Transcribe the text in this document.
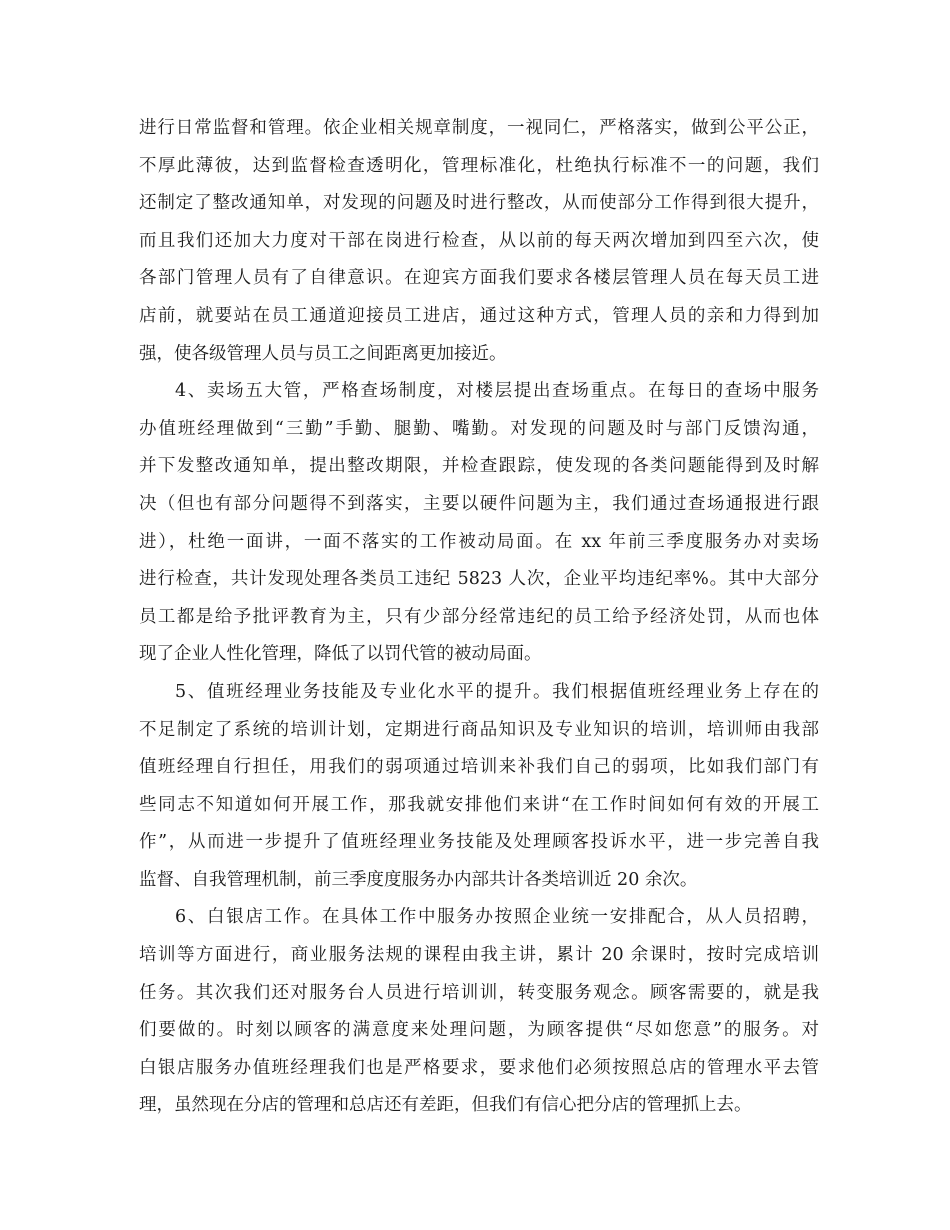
进行日常监督和管理。依企业相关规章制度，一视同仁，严格落实，做到公平公正，
不厚此薄彼，达到监督检查透明化，管理标准化，杜绝执行标准不一的问题，我们
还制定了整改通知单，对发现的问题及时进行整改，从而使部分工作得到很大提升，
而且我们还加大力度对干部在岗进行检查，从以前的每天两次增加到四至六次，使
各部门管理人员有了自律意识。在迎宾方面我们要求各楼层管理人员在每天员工进
店前，就要站在员工通道迎接员工进店，通过这种方式，管理人员的亲和力得到加
强，使各级管理人员与员工之间距离更加接近。
4、卖场五大管，严格查场制度，对楼层提出查场重点。在每日的查场中服务
办值班经理做到“三勤”手勤、腿勤、嘴勤。对发现的问题及时与部门反馈沟通，
并下发整改通知单，提出整改期限，并检查跟踪，使发现的各类问题能得到及时解
决（但也有部分问题得不到落实，主要以硬件问题为主，我们通过查场通报进行跟
进），杜绝一面讲，一面不落实的工作被动局面。在 xx 年前三季度服务办对卖场
进行检查，共计发现处理各类员工违纪 5823 人次，企业平均违纪率%。其中大部分
员工都是给予批评教育为主，只有少部分经常违纪的员工给予经济处罚，从而也体
现了企业人性化管理，降低了以罚代管的被动局面。
5、值班经理业务技能及专业化水平的提升。我们根据值班经理业务上存在的
不足制定了系统的培训计划，定期进行商品知识及专业知识的培训，培训师由我部
值班经理自行担任，用我们的弱项通过培训来补我们自己的弱项，比如我们部门有
些同志不知道如何开展工作，那我就安排他们来讲“在工作时间如何有效的开展工
作”，从而进一步提升了值班经理业务技能及处理顾客投诉水平，进一步完善自我
监督、自我管理机制，前三季度度服务办内部共计各类培训近 20 余次。
6、白银店工作。在具体工作中服务办按照企业统一安排配合，从人员招聘，
培训等方面进行，商业服务法规的课程由我主讲，累计 20 余课时，按时完成培训
任务。其次我们还对服务台人员进行培训训，转变服务观念。顾客需要的，就是我
们要做的。时刻以顾客的满意度来处理问题，为顾客提供“尽如您意”的服务。对
白银店服务办值班经理我们也是严格要求，要求他们必须按照总店的管理水平去管
理，虽然现在分店的管理和总店还有差距，但我们有信心把分店的管理抓上去。
